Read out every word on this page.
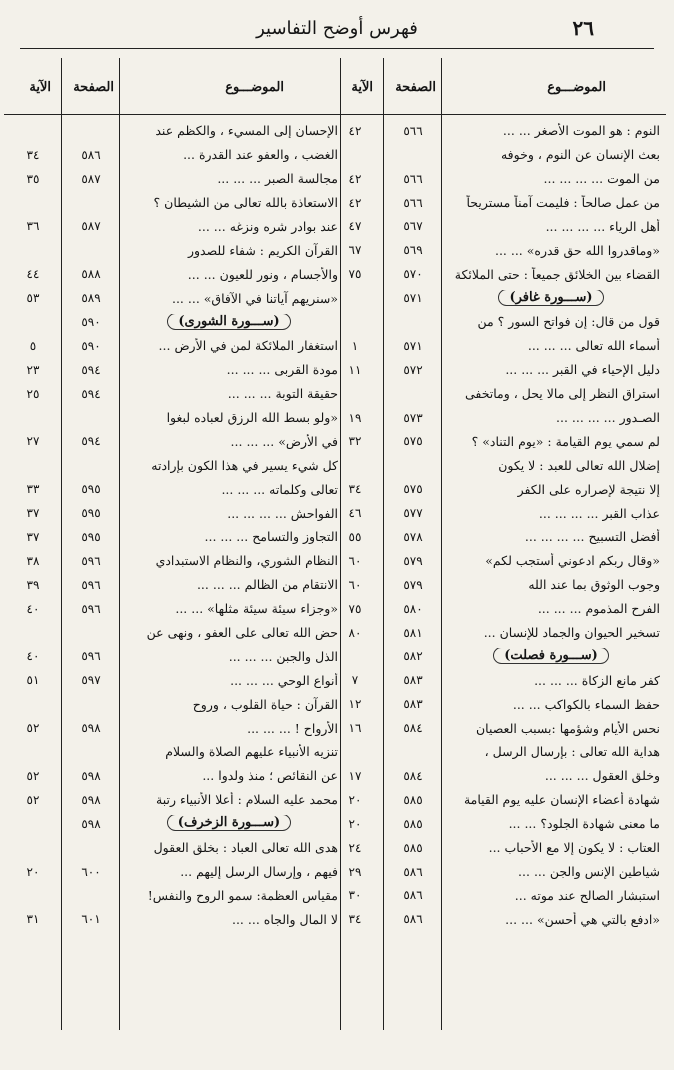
٢٦
فهرس أوضح التفاسير
الموضـــوع
الصفحة
الآية
النوم : هو الموت الأصغر ... ...
٥٦٦
٤٢
بعث الإنسان عن النوم ، وخوفه
من الموت ... ... ... ...
٥٦٦
٤٢
من عمل صالحاً : فليمت آمناً مستريحاً
٥٦٦
٤٢
أهل الرياء ... ... ... ...
٥٦٧
٤٧
«وماقدروا الله حق قدره» ... ...
٥٦٩
٦٧
القضاء بين الخلائق جميعاً : حتى الملائكة
٥٧٠
٧٥
(ســـورة غافر)
٥٧١
قول من قال: إن فواتح السور ؟ من
أسماء الله تعالى ... ... ...
٥٧١
١
دليل الإحياء في القبر ... ... ...
٥٧٢
١١
استراق النظر إلى مالا يحل ، وماتخفى
الصـدور ... ... ... ...
٥٧٣
١٩
لم سمي يوم القيامة : «يوم التناد» ؟
٥٧٥
٣٢
إضلال الله تعالى للعبد : لا يكون
إلا نتيجة لإصراره على الكفر
٥٧٥
٣٤
عذاب القبر ... ... ... ...
٥٧٧
٤٦
أفضل التسبيح ... ... ... ...
٥٧٨
٥٥
«وقال ربكم ادعوني أستجب لكم»
٥٧٩
٦٠
وجوب الوثوق بما عند الله
٥٧٩
٦٠
الفرح المذموم ... ... ...
٥٨٠
٧٥
تسخير الحيوان والجماد للإنسان ...
٥٨١
٨٠
(ســـورة فصلت)
٥٨٢
كفر مانع الزكاة ... ... ...
٥٨٣
٧
حفظ السماء بالكواكب ... ...
٥٨٣
١٢
نحس الأيام وشؤمها :بسبب العصيان
٥٨٤
١٦
هداية الله تعالى : بإرسال الرسل ،
وخلق العقول ... ... ...
٥٨٤
١٧
شهادة أعضاء الإنسان عليه يوم القيامة
٥٨٥
٢٠
ما معنى شهادة الجلود؟ ... ...
٥٨٥
٢٠
العتاب : لا يكون إلا مع الأحباب ...
٥٨٥
٢٤
شياطين الإنس والجن ... ...
٥٨٦
٢٩
استبشار الصالح عند موته ...
٥٨٦
٣٠
«ادفع بالتي هي أحسن» ... ...
٥٨٦
٣٤
الموضـــوع
الصفحة
الآية
الإحسان إلى المسيء ، والكظم عند
الغضب ، والعفو عند القدرة ...
٥٨٦
٣٤
مجالسة الصبر ... ... ...
٥٨٧
٣٥
الاستعاذة بالله تعالى من الشيطان ؟
عند بوادر شره ونزغه ... ...
٥٨٧
٣٦
القرآن الكريم : شفاء للصدور
والأجسام ، ونور للعيون ... ...
٥٨٨
٤٤
«سنريهم آياتنا في الآفاق» ... ...
٥٨٩
٥٣
(ســـورة الشورى)
٥٩٠
استغفار الملائكة لمن في الأرض ...
٥٩٠
٥
مودة القربى ... ... ...
٥٩٤
٢٣
حقيقة التوبة ... ... ...
٥٩٤
٢٥
«ولو بسط الله الرزق لعباده لبغوا
في الأرض» ... ... ...
٥٩٤
٢٧
كل شيء يسير في هذا الكون بإرادته
تعالى وكلماته ... ... ...
٥٩٥
٣٣
الفواحش ... ... ... ...
٥٩٥
٣٧
التجاوز والتسامح ... ... ...
٥٩٥
٣٧
النظام الشوري، والنظام الاستبدادي
٥٩٦
٣٨
الانتقام من الظالم ... ... ...
٥٩٦
٣٩
«وجزاء سيئة سيئة مثلها» ... ...
٥٩٦
٤٠
حض الله تعالى على العفو ، ونهى عن
الذل والجبن ... ... ...
٥٩٦
٤٠
أنواع الوحي ... ... ...
٥٩٧
٥١
القرآن : حياة القلوب ، وروح
الأرواح ! ... ... ...
٥٩٨
٥٢
تنزيه الأنبياء عليهم الصلاة والسلام
عن النقائص ؛ منذ ولدوا ...
٥٩٨
٥٢
محمد عليه السلام : أعلا الأنبياء رتبة
٥٩٨
٥٢
(ســـورة الزخرف)
٥٩٨
هدى الله تعالى العباد : بخلق العقول
فيهم ، وإرسال الرسل إليهم ...
٦٠٠
٢٠
مقياس العظمة: سمو الروح والنفس!
لا المال والجاه ... ...
٦٠١
٣١
